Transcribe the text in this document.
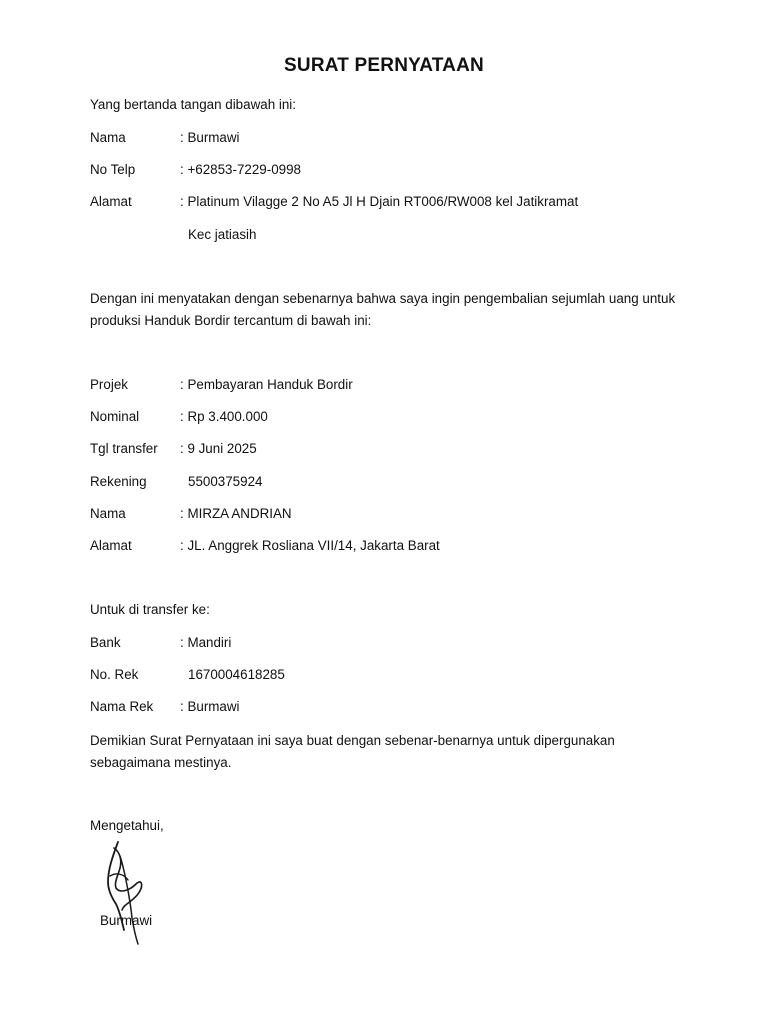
SURAT PERNYATAAN
Yang bertanda tangan dibawah ini:
Nama	: Burmawi
No Telp	: +62853-7229-0998
Alamat	: Platinum Vilagge 2 No A5 Jl H Djain RT006/RW008 kel Jatikramat
Kec jatiasih
Dengan ini menyatakan dengan sebenarnya bahwa saya ingin pengembalian sejumlah uang untuk produksi Handuk Bordir tercantum di bawah ini:
Projek	: Pembayaran Handuk Bordir
Nominal	: Rp 3.400.000
Tgl transfer : 9 Juni 2025
Rekening	5500375924
Nama	: MIRZA ANDRIAN
Alamat	: JL. Anggrek Rosliana VII/14, Jakarta Barat
Untuk di transfer ke:
Bank	: Mandiri
No. Rek	1670004618285
Nama Rek : Burmawi
Demikian Surat Pernyataan ini saya buat dengan sebenar-benarnya untuk dipergunakan sebagaimana mestinya.
Mengetahui,
Burmawi
